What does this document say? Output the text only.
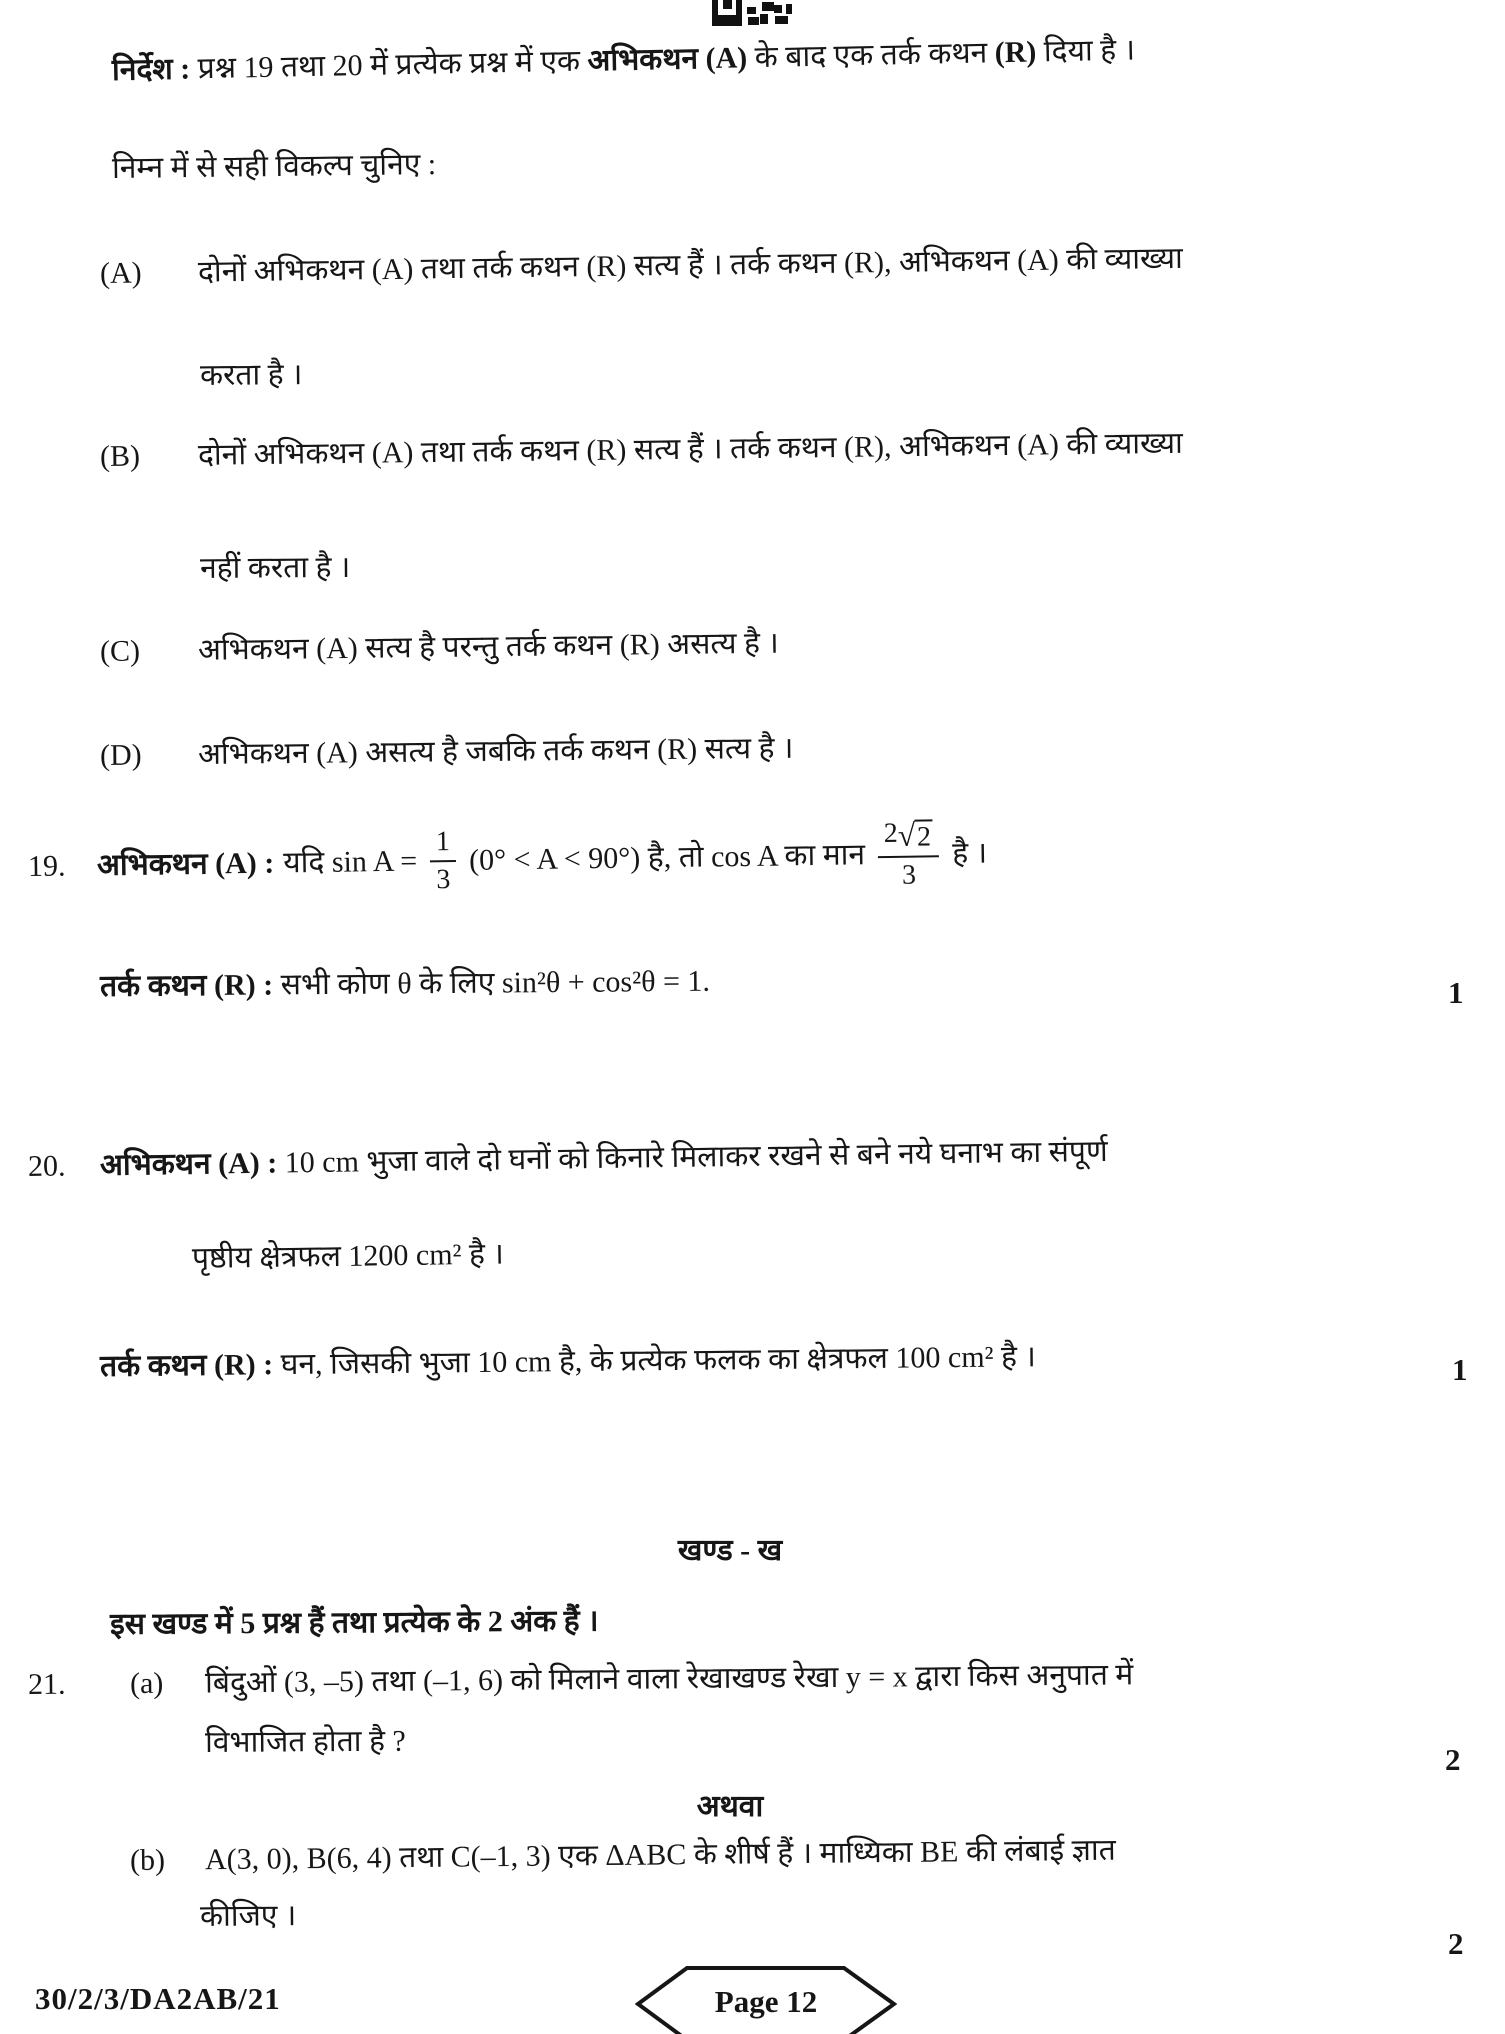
निर्देश : प्रश्न 19 तथा 20 में प्रत्येक प्रश्न में एक अभिकथन (A) के बाद एक तर्क कथन (R) दिया है ।
निम्न में से सही विकल्प चुनिए :
(A) दोनों अभिकथन (A) तथा तर्क कथन (R) सत्य हैं । तर्क कथन (R), अभिकथन (A) की व्याख्या
करता है ।
(B) दोनों अभिकथन (A) तथा तर्क कथन (R) सत्य हैं । तर्क कथन (R), अभिकथन (A) की व्याख्या
नहीं करता है ।
(C) अभिकथन (A) सत्य है परन्तु तर्क कथन (R) असत्य है ।
(D) अभिकथन (A) असत्य है जबकि तर्क कथन (R) सत्य है ।
19.	अभिकथन (A) : यदि $\sin A = \frac{1}{3} (0^\circ < A < 90^\circ)$ है, तो cos A का मान $\frac{2 √ 2}{3}$ है ।
तर्क कथन (R) : सभी कोण θ के लिए sin²θ + cos²θ = 1.	1
20. अभिकथन (A) : 10 cm भुजा वाले दो घनों को किनारे मिलाकर रखने से बने नये घनाभ का संपूर्ण
पृष्ठीय क्षेत्रफल 1200 cm² है ।
तर्क कथन (R) : घन, जिसकी भुजा 10 cm है, के प्रत्येक फलक का क्षेत्रफल 100 cm² है ।	1
खण्ड - ख
इस खण्ड में 5 प्रश्न हैं तथा प्रत्येक के 2 अंक हैं ।
21. (a) बिंदुओं (3, –5) तथा (–1, 6) को मिलाने वाला रेखाखण्ड रेखा y = x द्वारा किस अनुपात में
विभाजित होता है ?
2
अथवा
(b) A(3, 0), B(6, 4) तथा C(–1, 3) एक ΔABC के शीर्ष हैं । माध्यिका BE की लंबाई ज्ञात
कीजिए ।
2
30/2/3/DA2AB/21	Page 12
